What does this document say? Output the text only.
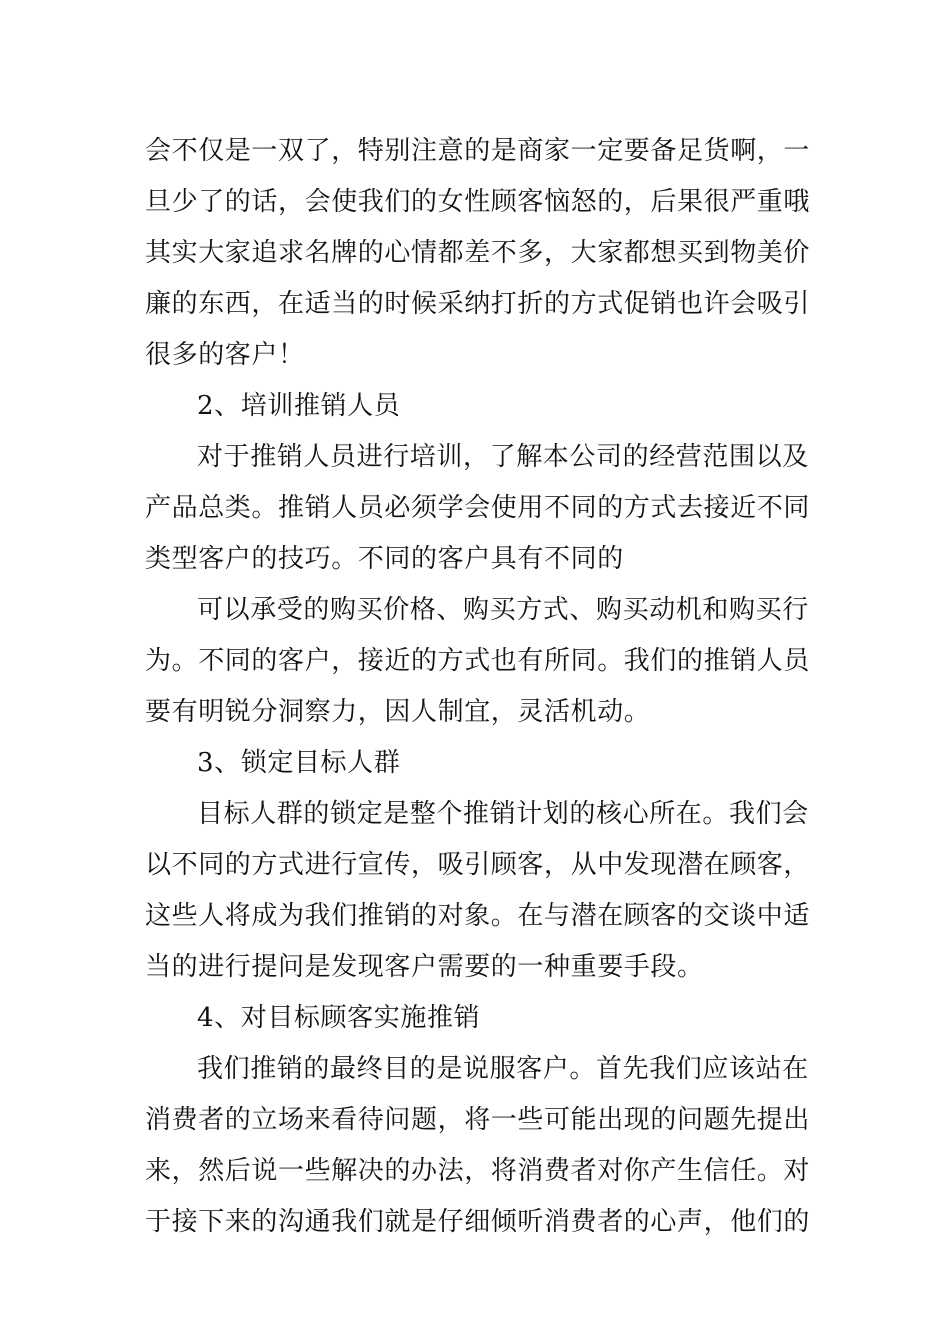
会不仅是一双了，特别注意的是商家一定要备足货啊，一
旦少了的话，会使我们的女性顾客恼怒的，后果很严重哦
其实大家追求名牌的心情都差不多，大家都想买到物美价
廉的东西，在适当的时候采纳打折的方式促销也许会吸引
很多的客户！
2、培训推销人员
对于推销人员进行培训，了解本公司的经营范围以及
产品总类。推销人员必须学会使用不同的方式去接近不同
类型客户的技巧。不同的客户具有不同的
可以承受的购买价格、购买方式、购买动机和购买行
为。不同的客户，接近的方式也有所同。我们的推销人员
要有明锐分洞察力，因人制宜，灵活机动。
3、锁定目标人群
目标人群的锁定是整个推销计划的核心所在。我们会
以不同的方式进行宣传，吸引顾客，从中发现潜在顾客，
这些人将成为我们推销的对象。在与潜在顾客的交谈中适
当的进行提问是发现客户需要的一种重要手段。
4、对目标顾客实施推销
我们推销的最终目的是说服客户。首先我们应该站在
消费者的立场来看待问题，将一些可能出现的问题先提出
来，然后说一些解决的办法，将消费者对你产生信任。对
于接下来的沟通我们就是仔细倾听消费者的心声，他们的
